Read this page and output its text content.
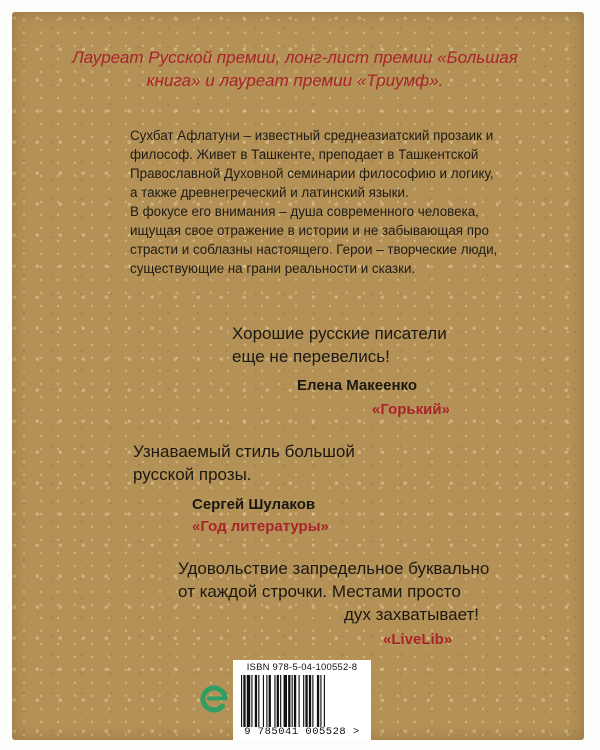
Лауреат Русской премии, лонг-лист премии «Большая книга» и лауреат премии «Триумф».

Сухбат Афлатуни – известный среднеазиатский прозаик и философ. Живет в Ташкенте, преподает в Ташкентской Православной Духовной семинарии философию и логику, а также древнегреческий и латинский языки.

В фокусе его внимания – душа современного человека, ищущая свое отражение в истории и не забывающая про страсти и соблазны настоящего. Герои – творческие люди, существующие на грани реальности и сказки.

Хорошие русские писатели
еще не перевелись!
Елена Макеенко
«Горький»
Узнаваемый стиль большой
русской прозы.
Сергей Шулаков
«Год литературы»
Удовольствие запредельное буквально
от каждой строчки. Местами просто
дух захватывает!
«LiveLib»
ISBN 978-5-04-100552-8
9 785041 005528 >
